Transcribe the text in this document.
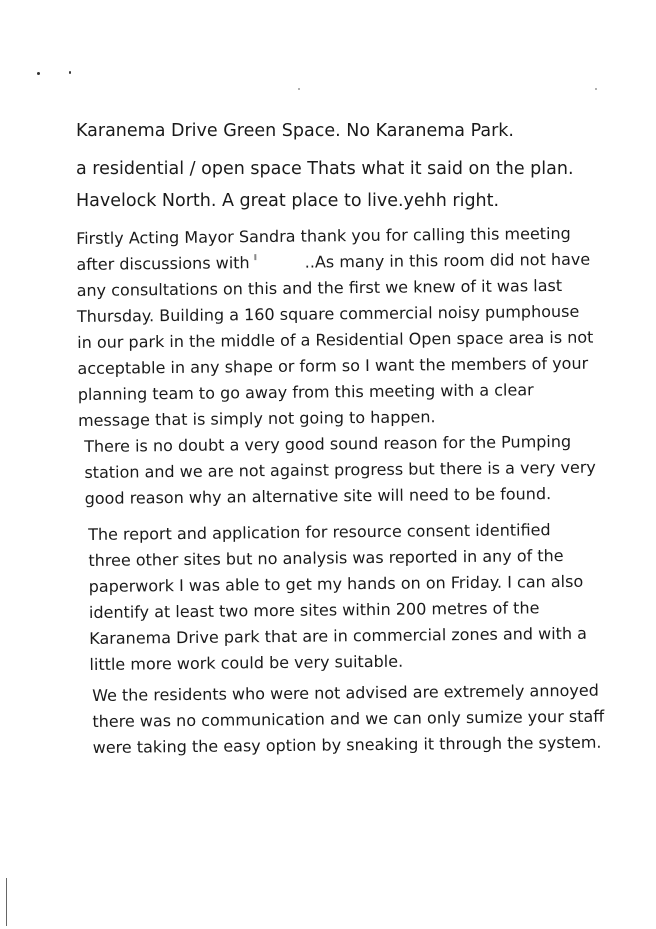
Karanema Drive Green Space. No Karanema Park.

a residential / open space Thats what it said on the plan.
Havelock North. A great place to live.yehh right.
Firstly Acting Mayor Sandra thank you for calling this meeting
after discussions with	..As many in this room did not have
any consultations on this and the first we knew of it was last
Thursday. Building a 160 square commercial noisy pumphouse
in our park in the middle of a Residential Open space area is not
acceptable in any shape or form so I want the members of your
planning team to go away from this meeting with a clear
message that is simply not going to happen.
There is no doubt a very good sound reason for the Pumping
station and we are not against progress but there is a very very
good reason why an alternative site will need to be found.
The report and application for resource consent identified
three other sites but no analysis was reported in any of the
paperwork I was able to get my hands on on Friday. I can also
identify at least two more sites within 200 metres of the
Karanema Drive park that are in commercial zones and with a
little more work could be very suitable.
We the residents who were not advised are extremely annoyed
there was no communication and we can only sumize your staff
were taking the easy option by sneaking it through the system.
